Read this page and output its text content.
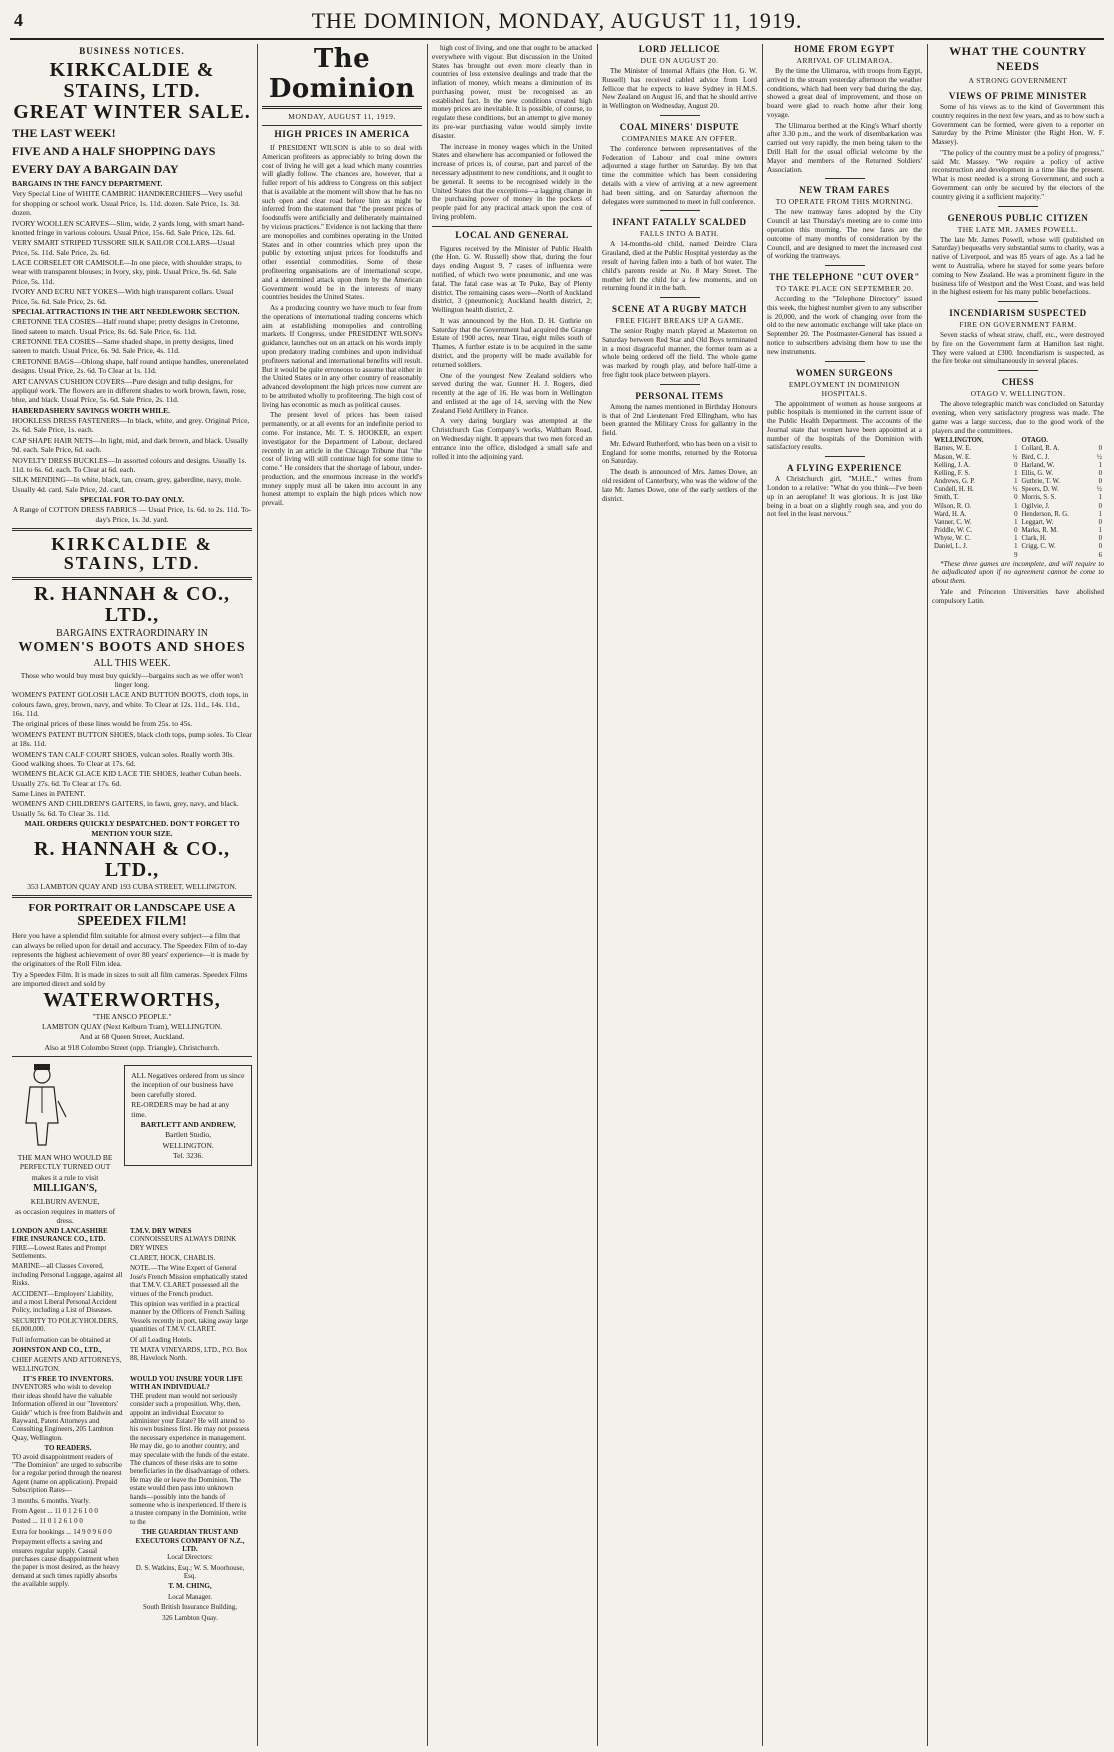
4	THE DOMINION, MONDAY, AUGUST 11, 1919.
BUSINESS NOTICES.
KIRKCALDIE & STAINS, LTD.
GREAT WINTER SALE.
THE LAST WEEK!
FIVE AND A HALF SHOPPING DAYS
EVERY DAY A BARGAIN DAY
BARGAINS IN THE FANCY DEPARTMENT.
Very Special Line of WHITE CAMBRIC HANDKERCHIEFS—Very useful for shopping or school work. Usual Price, 1s. 11d. dozen. Sale Price, 1s. 3d. dozen.
IVORY WOOLLEN SCARVES—Slim, wide, 2 yards long, with smart hand-knotted fringe in various colours. Usual Price, 15s. 6d. Sale Price, 12s. 6d.
VERY SMART STRIPED TUSSORE SILK SAILOR COLLARS—Usual Price, 5s. 11d. Sale Price, 2s. 6d.
LACE CORSELET OR CAMISOLE—In one piece, with shoulder straps, to wear with transparent blouses; in Ivory, sky, pink. Usual Price, 9s. 6d. Sale Price, 5s. 11d.
IVORY AND ECRU NET YOKES—With high transparent collars. Usual Price, 5s. 6d. Sale Price, 2s. 6d.
SPECIAL ATTRACTIONS IN THE ART NEEDLEWORK SECTION.
CRETONNE TEA COSIES—Half round shape; pretty designs in Cretonne, lined sateen to match. Usual Price, 8s. 6d. Sale Price, 6s. 11d.
CRETONNE TEA COSIES—Same shaded shape, in pretty designs, lined sateen to match. Usual Price, 6s. 9d. Sale Price, 4s. 11d.
CRETONNE BAGS—Oblong shape, half round antique handles, unerenelated designs. Usual Price, 2s. 6d. To Clear at 1s. 11d.
ART CANVAS CUSHION COVERS—Pure design and tulip designs, for appliqué work. The flowers are in different shades to work brown, fawn, rose, blue, and black. Usual Price, 5s. 6d. Sale Price, 2s. 11d.
HABERDASHERY SAVINGS WORTH WHILE.
HOOKLESS DRESS FASTENERS—In black, white, and grey. Original Price, 2s. 6d. Sale Price, 1s. each.
CAP SHAPE HAIR NETS—In light, mid, and dark brown, and black. Usually 9d. each. Sale Price, 6d. each.
NOVELTY DRESS BUCKLES—In assorted colours and designs. Usually 1s. 11d. to 6s. 6d. each. To Clear at 6d. each.
SILK MENDING—In white, black, tan, cream, grey, gaberdine, navy, mole. Usually 4d. card. Sale Price, 2d. card.
SPECIAL FOR TO-DAY ONLY.
A Range of COTTON DRESS FABRICS — Usual Price, 1s. 6d. to 2s. 11d. To-day's Price, 1s. 3d. yard.
KIRKCALDIE & STAINS, LTD.
R. HANNAH & CO., LTD.,
BARGAINS EXTRAORDINARY IN
WOMEN'S BOOTS AND SHOES
ALL THIS WEEK.
Those who would buy must buy quickly—bargains such as we offer won't linger long.
WOMEN'S PATENT GOLOSH LACE AND BUTTON BOOTS, cloth tops, in colours fawn, grey, brown, navy, and white. To Clear at 12s. 11d., 14s. 11d., 16s. 11d.
The original prices of these lines would be from 25s. to 45s.
WOMEN'S PATENT BUTTON SHOES, black cloth tops, pump soles. To Clear at 18s. 11d.
WOMEN'S TAN CALF COURT SHOES, vulcan soles. Really worth 30s. Good walking shoes. To Clear at 17s. 6d.
WOMEN'S BLACK GLACE KID LACE TIE SHOES, leather Cuban heels. Usually 27s. 6d. To Clear at 17s. 6d.
Same Lines in PATENT.
WOMEN'S AND CHILDREN'S GAITERS, in fawn, grey, navy, and black. Usually 5s. 6d. To Clear 3s. 11d.
MAIL ORDERS QUICKLY DESPATCHED. DON'T FORGET TO MENTION YOUR SIZE.
R. HANNAH & CO., LTD.,
353 LAMBTON QUAY AND 193 CUBA STREET, WELLINGTON.
FOR PORTRAIT OR LANDSCAPE USE A
SPEEDEX FILM!
Here you have a splendid film suitable for almost every subject—a film that can always be relied upon for detail and accuracy. The Speedex Film of to-day represents the highest achievement of over 80 years' experience—it is made by the originators of the Roll Film idea.
Try a Speedex Film. It is made in sizes to suit all film cameras. Speedex Films are imported direct and sold by
WATERWORTHS,
"THE ANSCO PEOPLE."
LAMBTON QUAY (Next Kelburn Tram), WELLINGTON.
And at 68 Queen Street, Auckland.
Also at 918 Colombo Street (opp. Triangle), Christchurch.
THE MAN WHO WOULD BE PERFECTLY TURNED OUT
makes it a rule to visit
MILLIGAN'S,
KELBURN AVENUE,
as occasion requires in matters of dress.
ALL Negatives ordered from us since the inception of our business have been carefully stored.
RE-ORDERS may be had at any time.
BARTLETT AND ANDREW,
Bartlett Studio,
WELLINGTON.
Tel. 3236.
LONDON AND LANCASHIRE FIRE INSURANCE CO., LTD.

FIRE—Lowest Rates and Prompt Settlements.

MARINE—all Classes Covered, including Personal Luggage, against all Risks.

ACCIDENT—Employers' Liability, and a most Liberal Personal Accident Policy, including a List of Diseases.

SECURITY TO POLICYHOLDERS, £6,000,000.

Full information can be obtained at

JOHNSTON AND CO., LTD.,

CHIEF AGENTS AND ATTORNEYS, WELLINGTON.

T.M.V. DRY WINES

CONNOISSEURS ALWAYS DRINK DRY WINES

CLARET, HOCK, CHABLIS.

NOTE.—The Wine Expert of General Jose's French Mission emphatically stated that T.M.V. CLARET possessed all the virtues of the French product.

This opinion was verified in a practical manner by the Officers of French Sailing Vessels recently in port, taking away large quantities of T.M.V. CLARET.

Of all Leading Hotels.

TE MATA VINEYARDS, LTD., P.O. Box 88, Havelock North.

IT'S FREE TO INVENTORS.

INVENTORS who wish to develop their ideas should have the valuable Information offered in our "Inventors' Guide" which is free from Baldwin and Rayward, Patent Attorneys and Consulting Engineers, 205 Lambton Quay, Wellington.

TO READERS.

TO avoid disappointment readers of "The Dominion" are urged to subscribe for a regular period through the nearest Agent (name on application). Prepaid Subscription Rates—

3 months. 6 months. Yearly.

From Agent ... 11 0 1 2 6 1 0 0

Posted ... 11 0 1 2 6 1 0 0

Extra for bookings ... 14 9 0 9 6 0 0

Prepayment effects a saving and ensures regular supply. Casual purchases cause disappointment when the paper is most desired, as the heavy demand at such times rapidly absorbs the available supply.

WOULD YOU INSURE YOUR LIFE WITH AN INDIVIDUAL?

THE prudent man would not seriously consider such a proposition. Why, then, appoint an individual Executor to administer your Estate? He will attend to his own business first. He may not possess the necessary experience in management. He may die, go to another country, and may speculate with the funds of the estate. The chances of these risks are to some beneficiaries in the disadvantage of others. He may die or leave the Dominion. The estate would then pass into unknown hands—possibly into the hands of someone who is inexperienced. If there is a trustee company in the Dominion, write to the

THE GUARDIAN TRUST AND EXECUTORS COMPANY OF N.Z., LTD.

Local Directors:

D. S. Watkins, Esq.; W. S. Moorhouse, Esq.

T. M. CHING,

Local Manager.

South British Insurance Building,

326 Lambton Quay.

The Dominion
MONDAY, AUGUST 11, 1919.
HIGH PRICES IN AMERICA

If PRESIDENT WILSON is able to so deal with American profiteers as appreciably to bring down the cost of living he will get a lead which many countries will gladly follow. The chances are, however, that a fuller report of his address to Congress on this subject that is available at the moment will show that he has no such open and clear road before him as might be inferred from the statement that "the present prices of foodstuffs were artificially and deliberately maintained by vicious practices." Evidence is not lacking that there are monopolies and combines operating in the United States and in other countries which prey upon the public by extorting unjust prices for foodstuffs and other essential commodities. Some of these profiteering organisations are of international scope, and a determined attack upon them by the American Government would be in the interests of many countries besides the United States.

As a producing country we have much to fear from the operations of international trading concerns which aim at establishing monopolies and controlling markets. If Congress, under PRESIDENT WILSON's guidance, launches out on an attack on his words imply upon predatory trading combines and upon individual profiteers national and international benefits will result. But it would be quite erroneous to assume that either in the United States or in any other country of reasonably advanced development the high prices now current are to be attributed wholly to profiteering. The high cost of living has economic as much as political causes.

The present level of prices has been raised permanently, or at all events for an indefinite period to come. For instance, Mr. T. S. HOOKER, an expert investigator for the Department of Labour, declared recently in an article in the Chicago Tribune that "the cost of living will still continue high for some time to come." He considers that the shortage of labour, under-production, and the enormous increase in the world's money supply must all be taken into account in any honest attempt to explain the high prices which now prevail.

high cost of living, and one that ought to be attacked everywhere with vigour. But discussion in the United States has brought out even more clearly than in countries of less extensive dealings and trade that the inflation of money, which means a diminution of its purchasing power, must be recognised as an established fact. In the new conditions created high money prices are inevitable. It is possible, of course, to regulate these conditions, but an attempt to give money its pre-war purchasing value would simply invite disaster.

The increase in money wages which in the United States and elsewhere has accompanied or followed the increase of prices is, of course, part and parcel of the necessary adjustment to new conditions, and it ought to be general. It seems to be recognised widely in the United States that the exceptions—a lagging change in the purchasing power of money in the pockets of people paid for any practical attack upon the cost of living problem.

LOCAL AND GENERAL

Figures received by the Minister of Public Health (the Hon. G. W. Russell) show that, during the four days ending August 9, 7 cases of influenza were notified, of which two were pneumonic, and one was fatal. The fatal case was at Te Puke, Bay of Plenty district. The remaining cases were—North of Auckland district, 3 (pneumonic); Auckland health district, 2; Wellington health district, 2.

It was announced by the Hon. D. H. Guthrie on Saturday that the Government had acquired the Grange Estate of 1900 acres, near Tirau, eight miles south of Thames. A further estate is to be acquired in the same district, and the property will be made available for returned soldiers.

One of the youngest New Zealand soldiers who served during the war, Gunner H. J. Rogers, died recently at the age of 16. He was born in Wellington and enlisted at the age of 14, serving with the New Zealand Field Artillery in France.

A very daring burglary was attempted at the Christchurch Gas Company's works, Waltham Road, on Wednesday night. It appears that two men forced an entrance into the office, dislodged a small safe and rolled it into the adjoining yard.

LORD JELLICOE
DUE ON AUGUST 20.

The Minister of Internal Affairs (the Hon. G. W. Russell) has received cabled advice from Lord Jellicoe that he expects to leave Sydney in H.M.S. New Zealand on August 16, and that he should arrive in Wellington on Wednesday, August 20.

COAL MINERS' DISPUTE
COMPANIES MAKE AN OFFER.

The conference between representatives of the Federation of Labour and coal mine owners adjourned a stage further on Saturday. By ten that time the committee which has been considering details with a view of arriving at a new agreement had been sitting, and on Saturday afternoon the delegates were summoned to meet in full conference.

INFANT FATALLY SCALDED
FALLS INTO A BATH.

A 14-months-old child, named Deirdre Clara Grauland, died at the Public Hospital yesterday as the result of having fallen into a bath of hot water. The child's parents reside at No. 8 Mary Street. The mother left the child for a few moments, and on returning found it in the bath.

SCENE AT A RUGBY MATCH
FREE FIGHT BREAKS UP A GAME.

The senior Rugby match played at Masterton on Saturday between Red Star and Old Boys terminated in a most disgraceful manner, the former team as a whole being ordered off the field. The whole game was marked by rough play, and before half-time a free fight took place between players.

PERSONAL ITEMS

Among the names mentioned in Birthday Honours is that of 2nd Lieutenant Fred Ellingham, who has been granted the Military Cross for gallantry in the field.

Mr. Edward Rutherford, who has been on a visit to England for some months, returned by the Rotorua on Saturday.

The death is announced of Mrs. James Dowe, an old resident of Canterbury, who was the widow of the late Mr. James Dowe, one of the early settlers of the district.

HOME FROM EGYPT
ARRIVAL OF ULIMAROA.

By the time the Ulimaroa, with troops from Egypt, arrived in the stream yesterday afternoon the weather conditions, which had been very bad during the day, showed a great deal of improvement, and those on board were glad to reach home after their long voyage.

The Ulimaroa berthed at the King's Wharf shortly after 3.30 p.m., and the work of disembarkation was carried out very rapidly, the men being taken to the Drill Hall for the usual official welcome by the Mayor and members of the Returned Soldiers' Association.

NEW TRAM FARES
TO OPERATE FROM THIS MORNING.

The new tramway fares adopted by the City Council at last Thursday's meeting are to come into operation this morning. The new fares are the outcome of many months of consideration by the Council, and are designed to meet the increased cost of working the tramways.

THE TELEPHONE "CUT OVER"
TO TAKE PLACE ON SEPTEMBER 20.

According to the "Telephone Directory" issued this week, the highest number given to any subscriber is 20,000, and the work of changing over from the old to the new automatic exchange will take place on September 20. The Postmaster-General has issued a notice to subscribers advising them how to use the new instruments.

WOMEN SURGEONS
EMPLOYMENT IN DOMINION HOSPITALS.

The appointment of women as house surgeons at public hospitals is mentioned in the current issue of the Public Health Department. The accounts of the Journal state that women have been appointed at a number of the hospitals of the Dominion with satisfactory results.

A FLYING EXPERIENCE

A Christchurch girl, "M.H.E.," writes from London to a relative: "What do you think—I've been up in an aeroplane! It was glorious. It is just like being in a boat on a slightly rough sea, and you do not feel in the least nervous."

WHAT THE COUNTRY NEEDS
A STRONG GOVERNMENT
VIEWS OF PRIME MINISTER

Some of his views as to the kind of Government this country requires in the next few years, and as to how such a Government can be formed, were given to a reporter on Saturday by the Prime Minister (the Right Hon. W. F. Massey).

"The policy of the country must be a policy of progress," said Mr. Massey. "We require a policy of active reconstruction and development in a time like the present. What is most needed is a strong Government, and such a Government can only be secured by the electors of the country giving it a sufficient majority."

GENEROUS PUBLIC CITIZEN
THE LATE MR. JAMES POWELL.

The late Mr. James Powell, whose will (published on Saturday) bequeaths very substantial sums to charity, was a native of Liverpool, and was 85 years of age. As a lad he went to Australia, where he stayed for some years before coming to New Zealand. He was a prominent figure in the business life of Westport and the West Coast, and was held in the highest esteem for his many public benefactions.

INCENDIARISM SUSPECTED
FIRE ON GOVERNMENT FARM.

Seven stacks of wheat straw, chaff, etc., were destroyed by fire on the Government farm at Hamilton last night. They were valued at £300. Incendiarism is suspected, as the fire broke out simultaneously in several places.

CHESS
OTAGO V. WELLINGTON.

The above telegraphic match was concluded on Saturday evening, when very satisfactory progress was made. The game was a large success, due to the good work of the players and the committees.

WELLINGTON.		OTAGO.	
Barnes, W. E.	1	Collard, R. A.	0
Mason, W. E.	½	Bird, C. J.	½
Kelling, J. A.	0	Harland, W.	1
Kelling, F. S.	1	Ellis, G. W.	0
Andrews, G. P.	1	Guthrie, T. W.	0
Cundell, H. H.	½	Speers, D. W.	½
Smith, T.	0	Morris, S. S.	1
Wilson, R. O.	1	Ogilvie, J.	0
Ward, H. A.	0	Henderson, R. G.	1
Vanner, C. W.	1	Leggart, W.	0
Priddle, W. C.	0	Marks, R. M.	1
Whyte, W. C.	1	Clark, H.	0
Daniel, L. J.	1	Crigg, C. W.	0
	9		6

*These three games are incomplete, and will require to be adjudicated upon if no agreement cannot be come to about them.

Yale and Princeton Universities have abolished compulsory Latin.
